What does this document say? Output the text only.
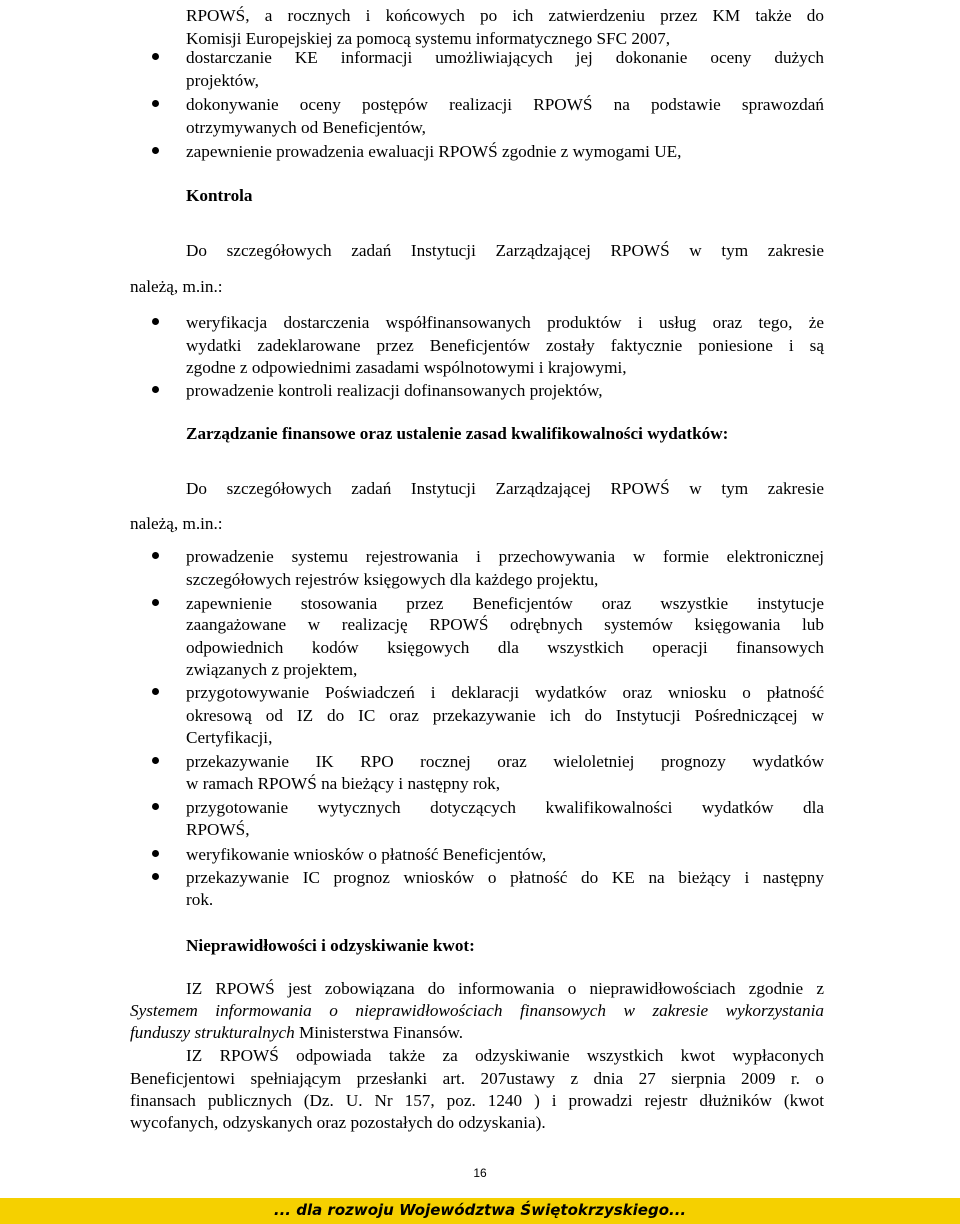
RPOWŚ, a rocznych i końcowych po ich zatwierdzeniu przez KM także do
Komisji Europejskiej za pomocą systemu informatycznego SFC 2007,
dostarczanie KE informacji umożliwiających jej dokonanie oceny dużych
projektów,
dokonywanie oceny postępów realizacji RPOWŚ na podstawie sprawozdań
otrzymywanych od Beneficjentów,
zapewnienie prowadzenia ewaluacji RPOWŚ zgodnie z wymogami UE,
Kontrola
Do szczegółowych zadań Instytucji Zarządzającej RPOWŚ w tym zakresie
należą, m.in.:
weryfikacja dostarczenia współfinansowanych produktów i usług oraz tego, że
wydatki zadeklarowane przez Beneficjentów zostały faktycznie poniesione i są
zgodne z odpowiednimi zasadami wspólnotowymi i krajowymi,
prowadzenie kontroli realizacji dofinansowanych projektów,
Zarządzanie finansowe oraz ustalenie zasad kwalifikowalności wydatków:
Do szczegółowych zadań Instytucji Zarządzającej RPOWŚ w tym zakresie
należą, m.in.:
prowadzenie systemu rejestrowania i przechowywania w formie elektronicznej
szczegółowych rejestrów księgowych dla każdego projektu,
zapewnienie stosowania przez Beneficjentów oraz wszystkie instytucje
zaangażowane w realizację RPOWŚ odrębnych systemów księgowania lub
odpowiednich kodów księgowych dla wszystkich operacji finansowych
związanych z projektem,
przygotowywanie Poświadczeń i deklaracji wydatków oraz wniosku o płatność
okresową od IZ do IC oraz przekazywanie ich do Instytucji Pośredniczącej w
Certyfikacji,
przekazywanie IK RPO rocznej oraz wieloletniej prognozy wydatków
w ramach RPOWŚ na bieżący i następny rok,
przygotowanie wytycznych dotyczących kwalifikowalności wydatków dla
RPOWŚ,
weryfikowanie wniosków o płatność Beneficjentów,
przekazywanie IC prognoz wniosków o płatność do KE na bieżący i następny
rok.
Nieprawidłowości i odzyskiwanie kwot:
IZ RPOWŚ jest zobowiązana do informowania o nieprawidłowościach zgodnie z
Systemem informowania o nieprawidłowościach finansowych w zakresie wykorzystania
funduszy strukturalnych Ministerstwa Finansów.
IZ RPOWŚ odpowiada także za odzyskiwanie wszystkich kwot wypłaconych
Beneficjentowi spełniającym przesłanki art. 207ustawy z dnia 27 sierpnia 2009 r. o
finansach publicznych (Dz. U. Nr 157, poz. 1240 ) i prowadzi rejestr dłużników (kwot
wycofanych, odzyskanych oraz pozostałych do odzyskania).
16
... dla rozwoju Województwa Świętokrzyskiego...
